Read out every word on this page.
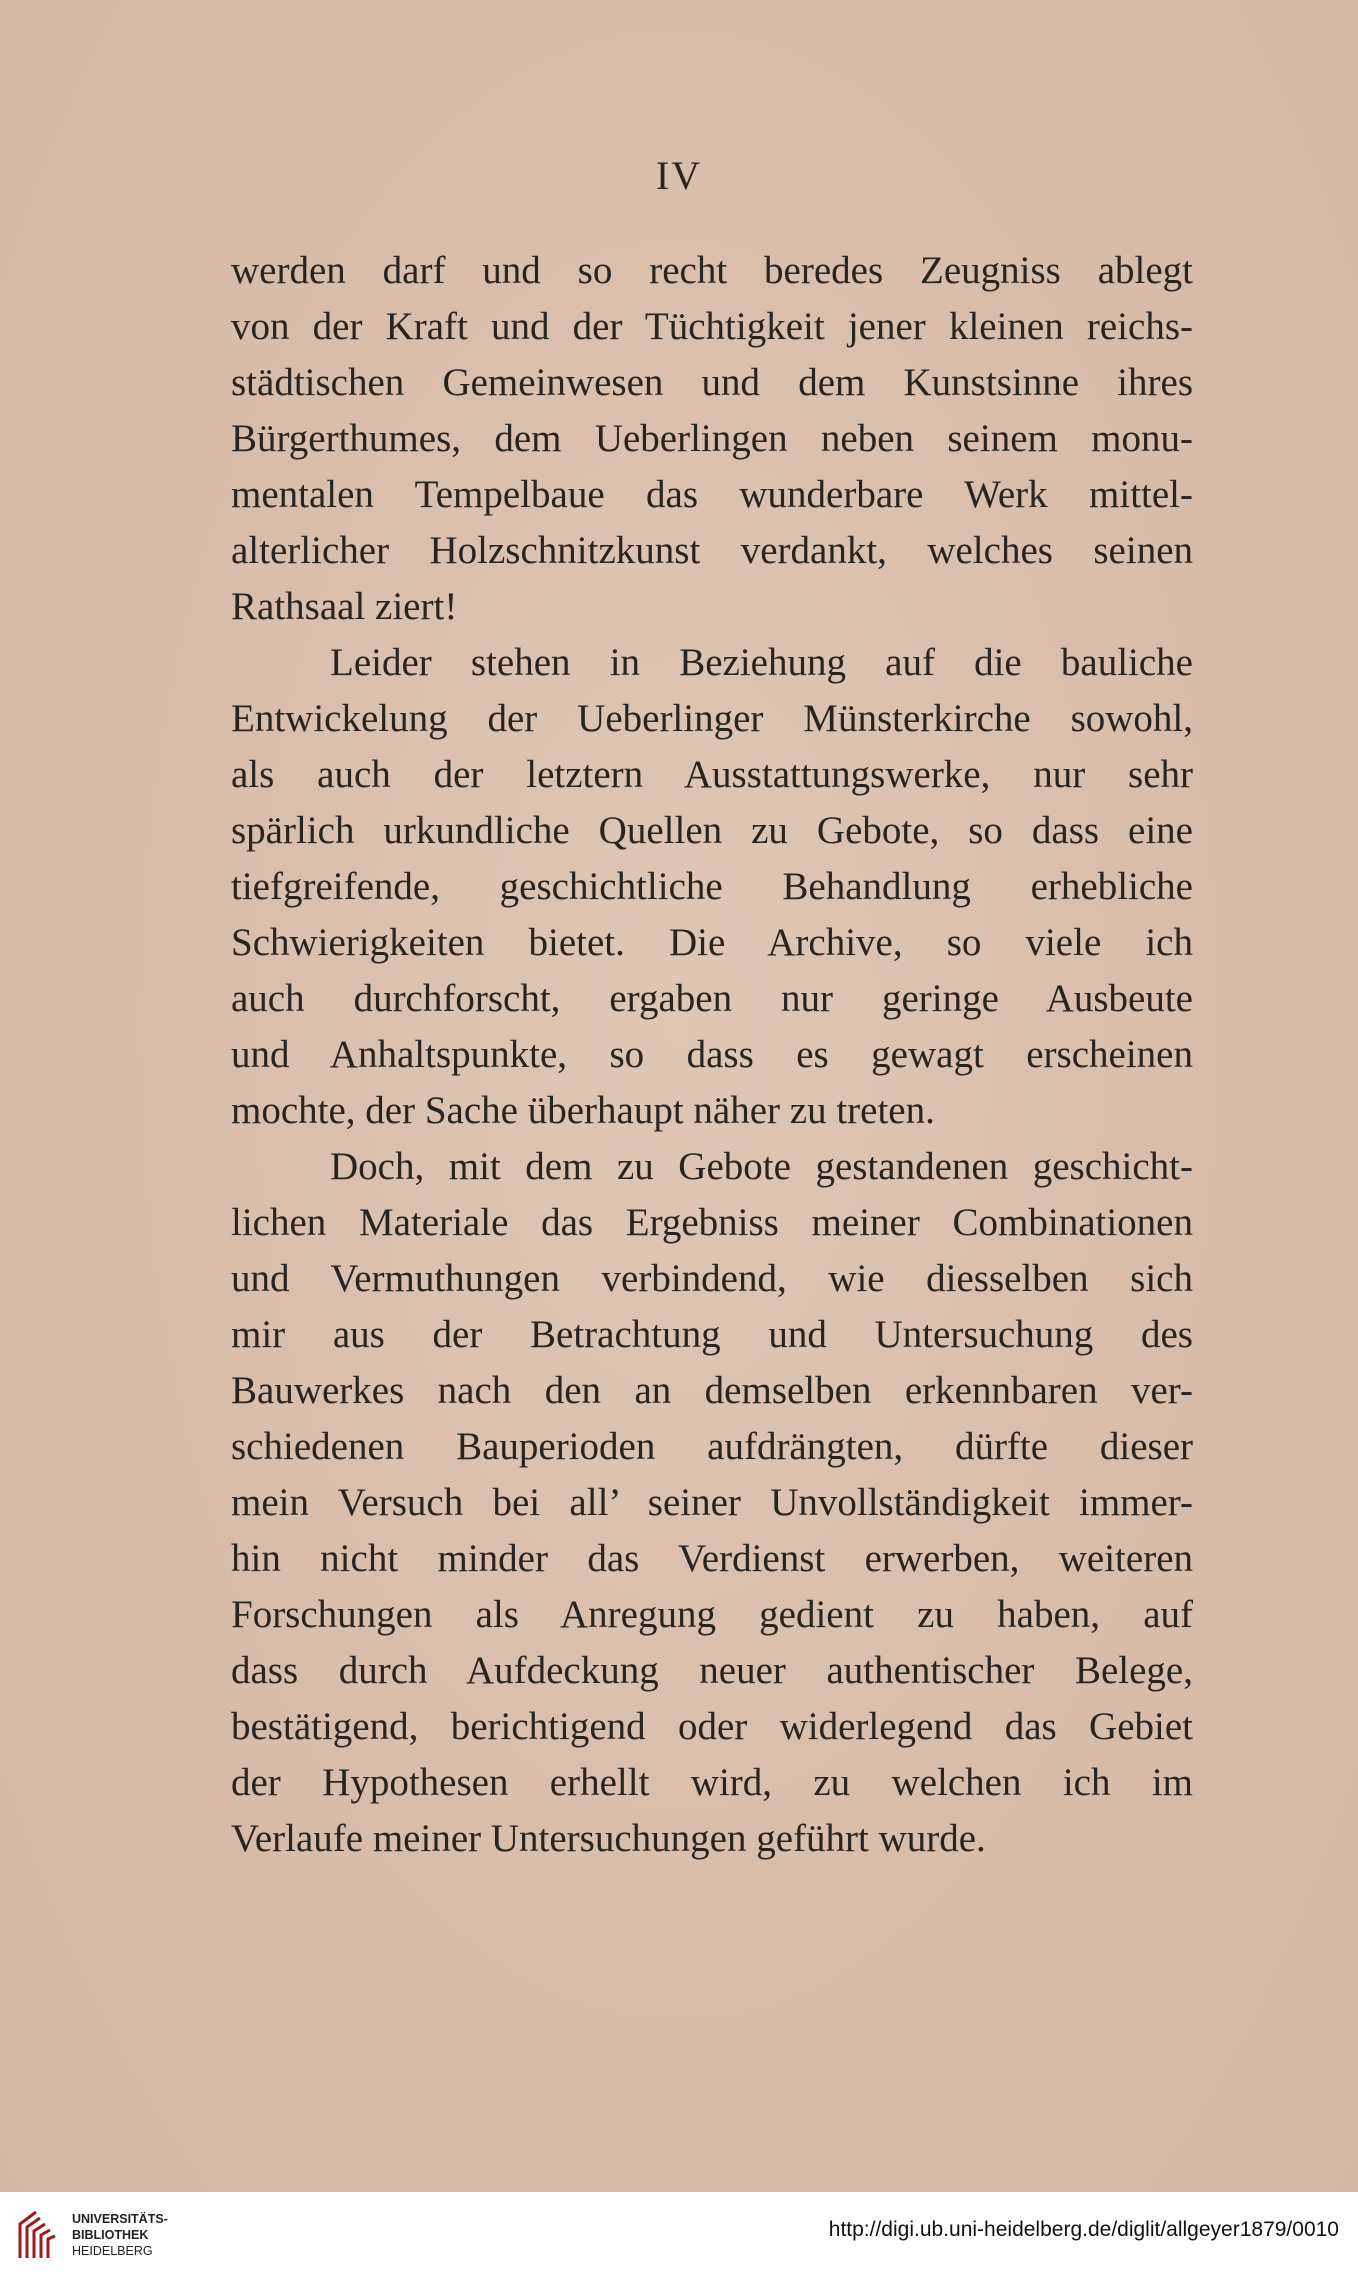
IV
werden darf und so recht beredes Zeugniss ablegt
von der Kraft und der Tüchtigkeit jener kleinen reichs-
städtischen Gemeinwesen und dem Kunstsinne ihres
Bürgerthumes, dem Ueberlingen neben seinem monu-
mentalen Tempelbaue das wunderbare Werk mittel-
alterlicher Holzschnitzkunst verdankt, welches seinen
Rathsaal ziert!
Leider stehen in Beziehung auf die bauliche
Entwickelung der Ueberlinger Münsterkirche sowohl,
als auch der letztern Ausstattungswerke, nur sehr
spärlich urkundliche Quellen zu Gebote, so dass eine
tiefgreifende, geschichtliche Behandlung erhebliche
Schwierigkeiten bietet. Die Archive, so viele ich
auch durchforscht, ergaben nur geringe Ausbeute
und Anhaltspunkte, so dass es gewagt erscheinen
mochte, der Sache überhaupt näher zu treten.
Doch, mit dem zu Gebote gestandenen geschicht-
lichen Materiale das Ergebniss meiner Combinationen
und Vermuthungen verbindend, wie diesselben sich
mir aus der Betrachtung und Untersuchung des
Bauwerkes nach den an demselben erkennbaren ver-
schiedenen Bauperioden aufdrängten, dürfte dieser
mein Versuch bei all’ seiner Unvollständigkeit immer-
hin nicht minder das Verdienst erwerben, weiteren
Forschungen als Anregung gedient zu haben, auf
dass durch Aufdeckung neuer authentischer Belege,
bestätigend, berichtigend oder widerlegend das Gebiet
der Hypothesen erhellt wird, zu welchen ich im
Verlaufe meiner Untersuchungen geführt wurde.
UNIVERSITÄTS-
BIBLIOTHEK
HEIDELBERG
http://digi.ub.uni-heidelberg.de/diglit/allgeyer1879/0010
